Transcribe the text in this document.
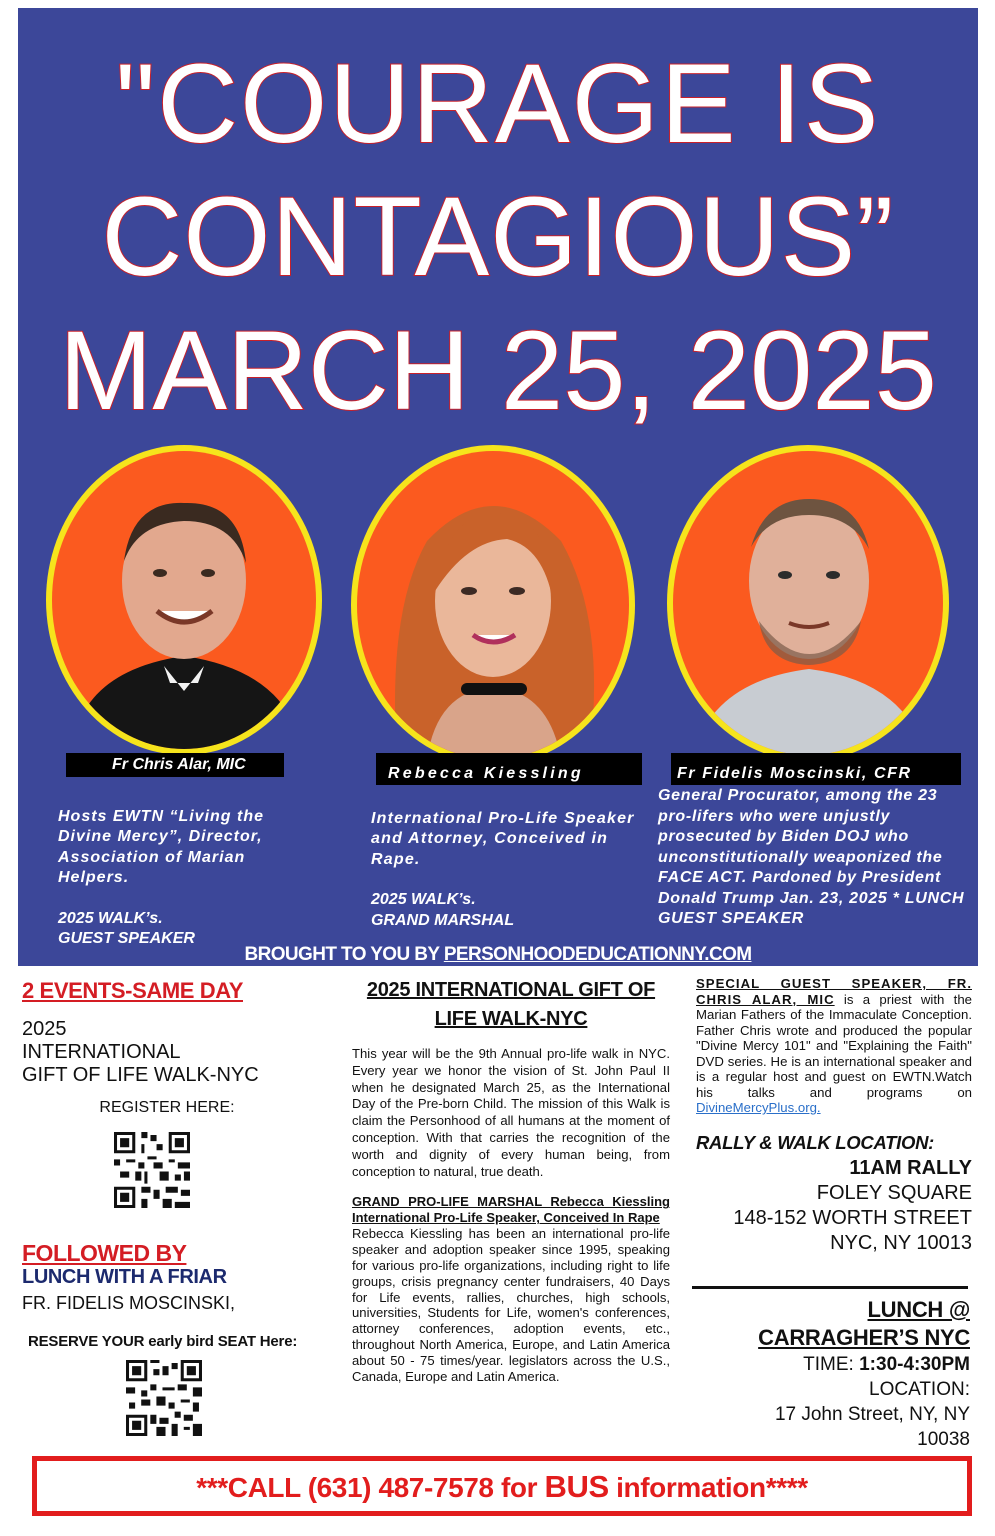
"COURAGE IS
CONTAGIOUS”
MARCH 25, 2025
Fr Chris Alar, MIC
Rebecca Kiessling	Fr Fidelis Moscinski, CFR

Hosts EWTN “Living the Divine Mercy”, Director, Association of Marian Helpers.

2025 WALK’s.
GUEST SPEAKER

International Pro-Life Speaker and Attorney, Conceived in Rape.

2025 WALK’s.
GRAND MARSHAL

General Procurator, among the 23 pro-lifers who were unjustly prosecuted by Biden DOJ who unconstitutionally weaponized the FACE ACT. Pardoned by President Donald Trump Jan. 23, 2025 * LUNCH GUEST SPEAKER
BROUGHT TO YOU BY PERSONHOODEDUCATIONNY.COM
2 EVENTS-SAME DAY
2025
INTERNATIONAL
GIFT OF LIFE WALK-NYC
REGISTER HERE:
FOLLOWED BY
LUNCH WITH A FRIAR
FR. FIDELIS MOSCINSKI,
RESERVE YOUR early bird SEAT Here:
2025 INTERNATIONAL GIFT OF LIFE WALK-NYC

This year will be the 9th Annual pro-life walk in NYC. Every year we honor the vision of St. John Paul II when he designated March 25, as the International Day of the Pre-born Child. The mission of this Walk is claim the Personhood of all humans at the moment of conception. With that carries the recognition of the worth and dignity of every human being, from conception to natural, true death.

GRAND PRO-LIFE MARSHAL Rebecca Kiessling International Pro-Life Speaker, Conceived In Rape

Rebecca Kiessling has been an international pro-life speaker and adoption speaker since 1995, speaking for various pro-life organizations, including right to life groups, crisis pregnancy center fundraisers, 40 Days for Life events, rallies, churches, high schools, universities, Students for Life, women's conferences, attorney conferences, adoption events, etc., throughout North America, Europe, and Latin America about 50 - 75 times/year. legislators across the U.S., Canada, Europe and Latin America.

SPECIAL GUEST SPEAKER, FR. CHRIS ALAR, MIC is a priest with the Marian Fathers of the Immaculate Conception. Father Chris wrote and produced the popular "Divine Mercy 101" and "Explaining the Faith" DVD series. He is an international speaker and is a regular host and guest on EWTN.Watch his talks and programs on DivineMercyPlus.org.

RALLY & WALK LOCATION:
11AM RALLY
FOLEY SQUARE
148-152 WORTH STREET
NYC, NY 10013
LUNCH @
CARRAGHER’S NYC
TIME: 1:30-4:30PM
LOCATION:
17 John Street, NY, NY
10038
***CALL (631) 487-7578 for BUS information****
